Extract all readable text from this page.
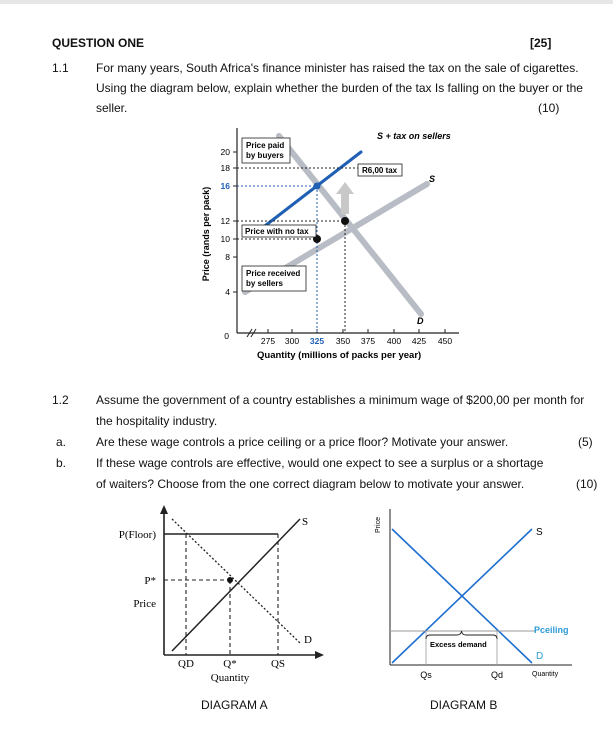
QUESTION ONE	[25]
1.1 For many years, South Africa's finance minister has raised the tax on the sale of cigarettes.
Using the diagram below, explain whether the burden of the tax Is falling on the buyer or the
seller.	(10)
20
18
16
12
10
8
4
0	275 300 325 350 375 400 425 450
Quantity (millions of packs per year)
Price (rands per pack)
Price paid
by buyers
Price with no tax
Price received
by sellers
R6,00 tax
S + tax on sellers
S
D
1.2 Assume the government of a country establishes a minimum wage of $200,00 per month for
the hospitality industry.
a. Are these wage controls a price ceiling or a price floor? Motivate your answer.	(5)
b. If these wage controls are effective, would one expect to see a surplus or a shortage
of waiters? Choose from the one correct diagram below to motivate your answer.	(10)
P(Floor)
P*
Price
S
D
QD	Q*	QS
Quantity
DIAGRAM A
Price	S
Pceiling
D
Excess demand
Qs	Qd	Quantity
DIAGRAM B
